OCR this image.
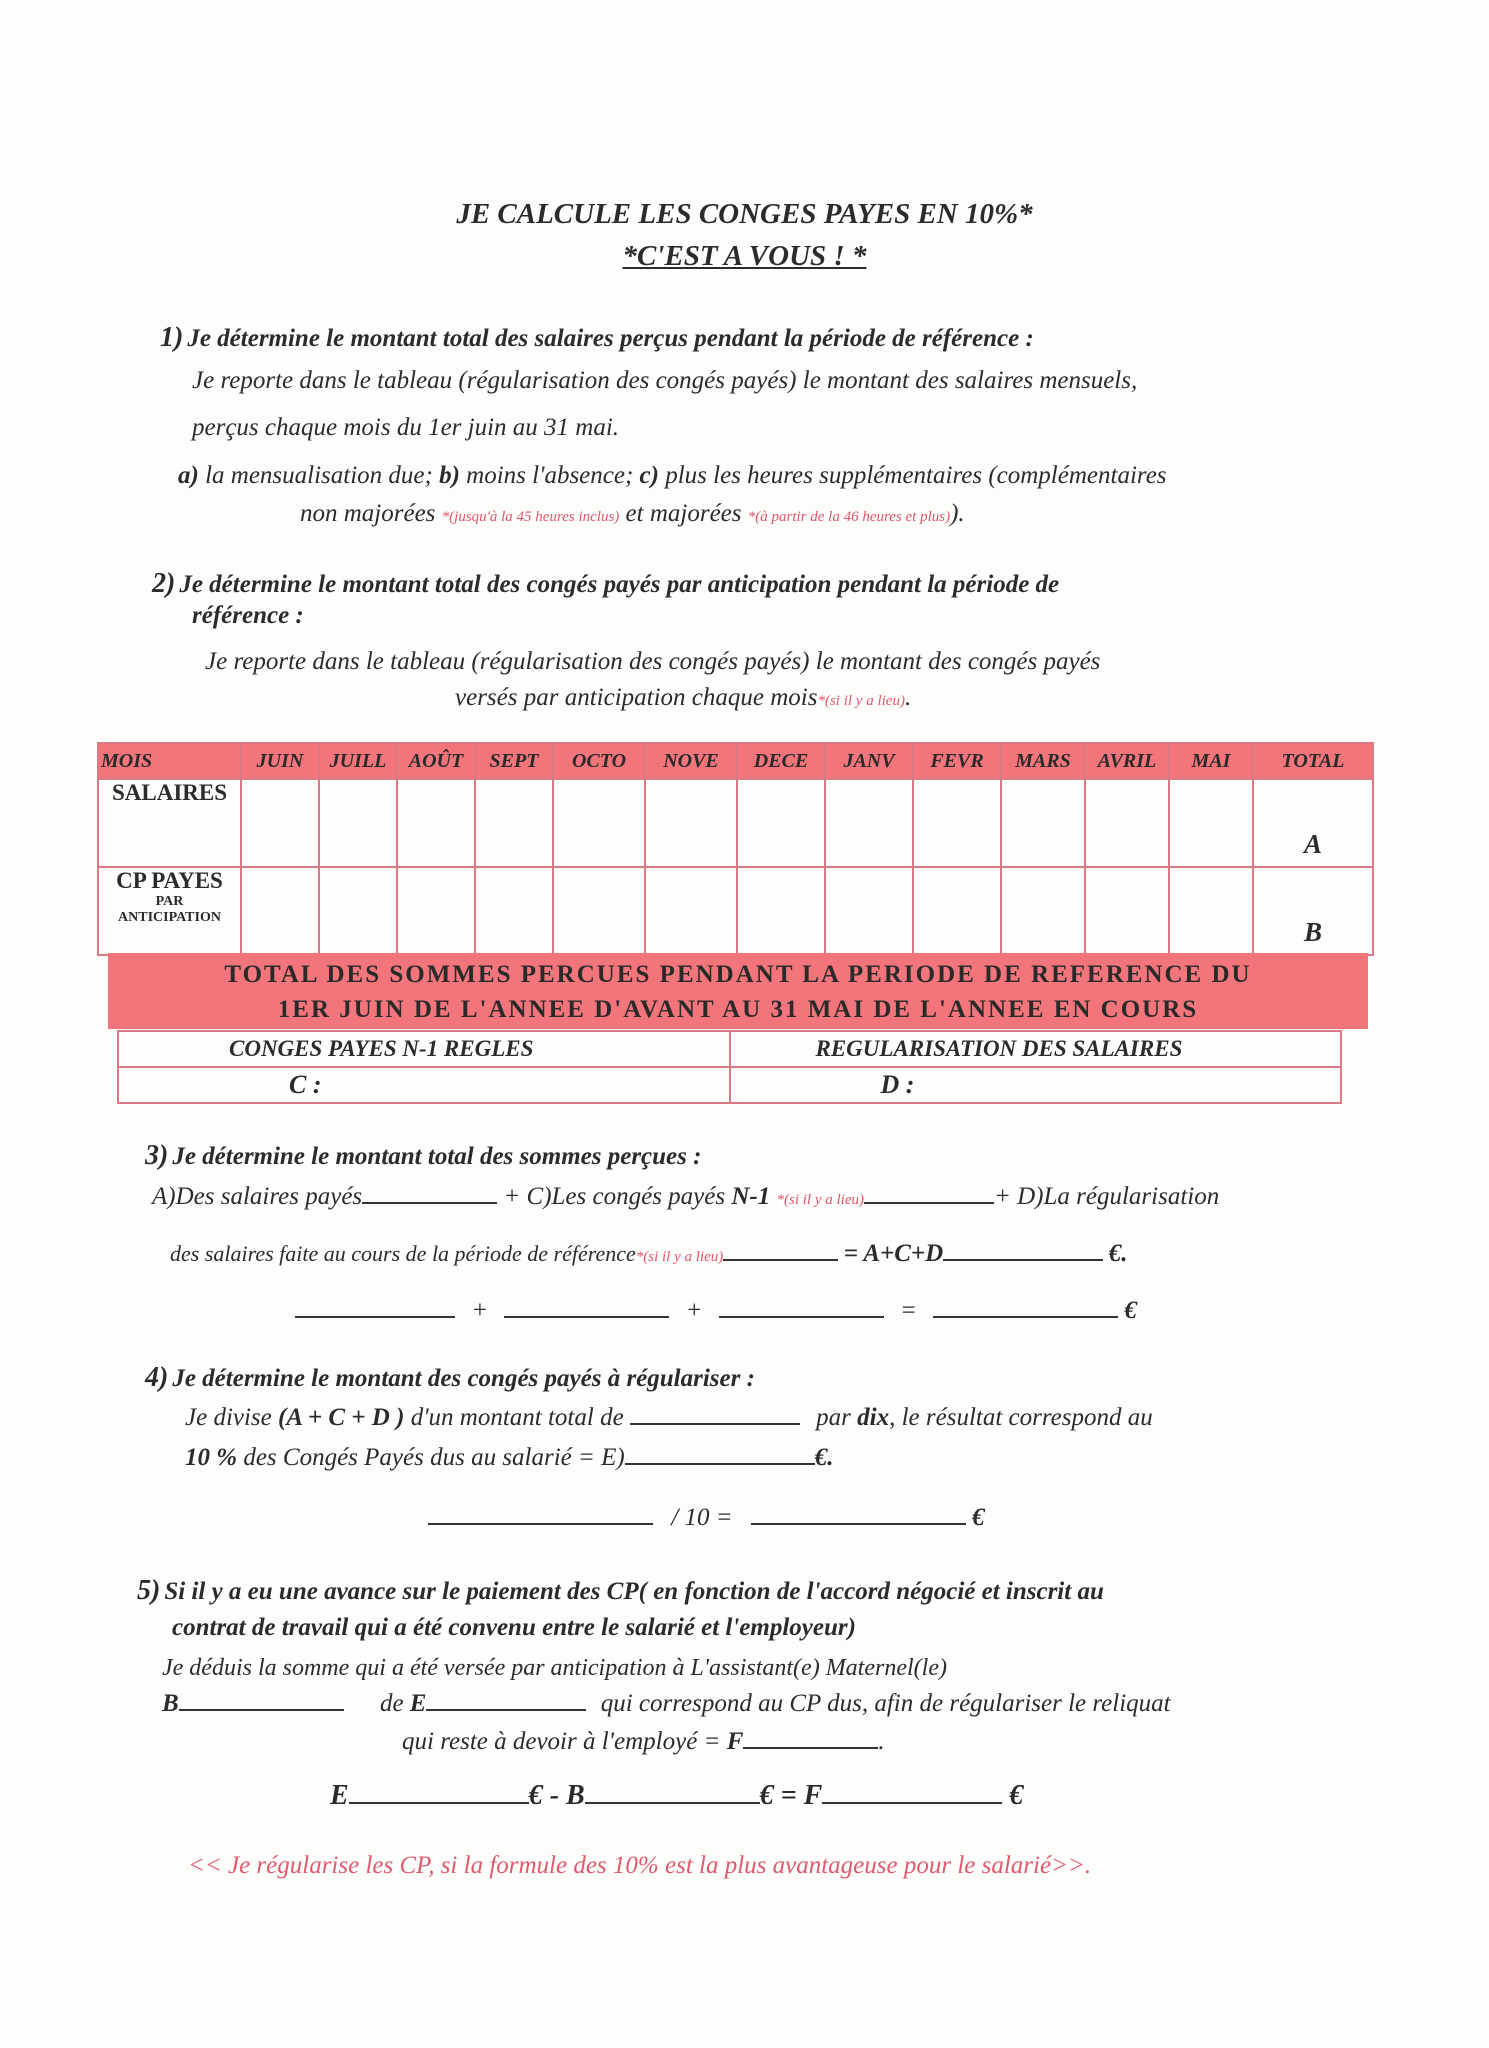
JE CALCULE LES CONGES PAYES EN 10%*
*C'EST A VOUS ! *
1) Je détermine le montant total des salaires perçus pendant la période de référence :
Je reporte dans le tableau (régularisation des congés payés) le montant des salaires mensuels,
perçus chaque mois du 1er juin au 31 mai.
a) la mensualisation due; b) moins l'absence; c) plus les heures supplémentaires (complémentaires
non majorées *(jusqu'à la 45 heures inclus) et majorées *(à partir de la 46 heures et plus)).
2) Je détermine le montant total des congés payés par anticipation pendant la période de
référence :
Je reporte dans le tableau (régularisation des congés payés) le montant des congés payés
versés par anticipation chaque mois*(si il y a lieu).
MOIS	JUIN	JUILL	AOÛT	SEPT	OCTO	NOVE	DECE	JANV	FEVR	MARS	AVRIL	MAI	TOTAL
SALAIRES													A
CP PAYES
PAR
ANTICIPATION													B
TOTAL DES SOMMES PERCUES PENDANT LA PERIODE DE REFERENCE DU
1ER JUIN DE L'ANNEE D'AVANT AU 31 MAI DE L'ANNEE EN COURS
CONGES PAYES N-1 REGLES	REGULARISATION DES SALAIRES
C :	D :
3) Je détermine le montant total des sommes perçues :
A)Des salaires payés	+ C)Les congés payés N-1 *(si il y a lieu)	+ D)La régularisation
des salaires faite au cours de la période de référence*(si il y a lieu)	= A+C+D	€.
+	+	=	€
4) Je détermine le montant des congés payés à régulariser :
Je divise (A + C + D ) d'un montant total de	par dix, le résultat correspond au
10 % des Congés Payés dus au salarié = E)	€.
/ 10 =	€
5) Si il y a eu une avance sur le paiement des CP( en fonction de l'accord négocié et inscrit au
contrat de travail qui a été convenu entre le salarié et l'employeur)
Je déduis la somme qui a été versée par anticipation à L'assistant(e) Maternel(le)
B	de E	qui correspond au CP dus, afin de régulariser le reliquat
qui reste à devoir à l'employé = F	.
E	€ - B	€ = F	€
<< Je régularise les CP, si la formule des 10% est la plus avantageuse pour le salarié>>.
